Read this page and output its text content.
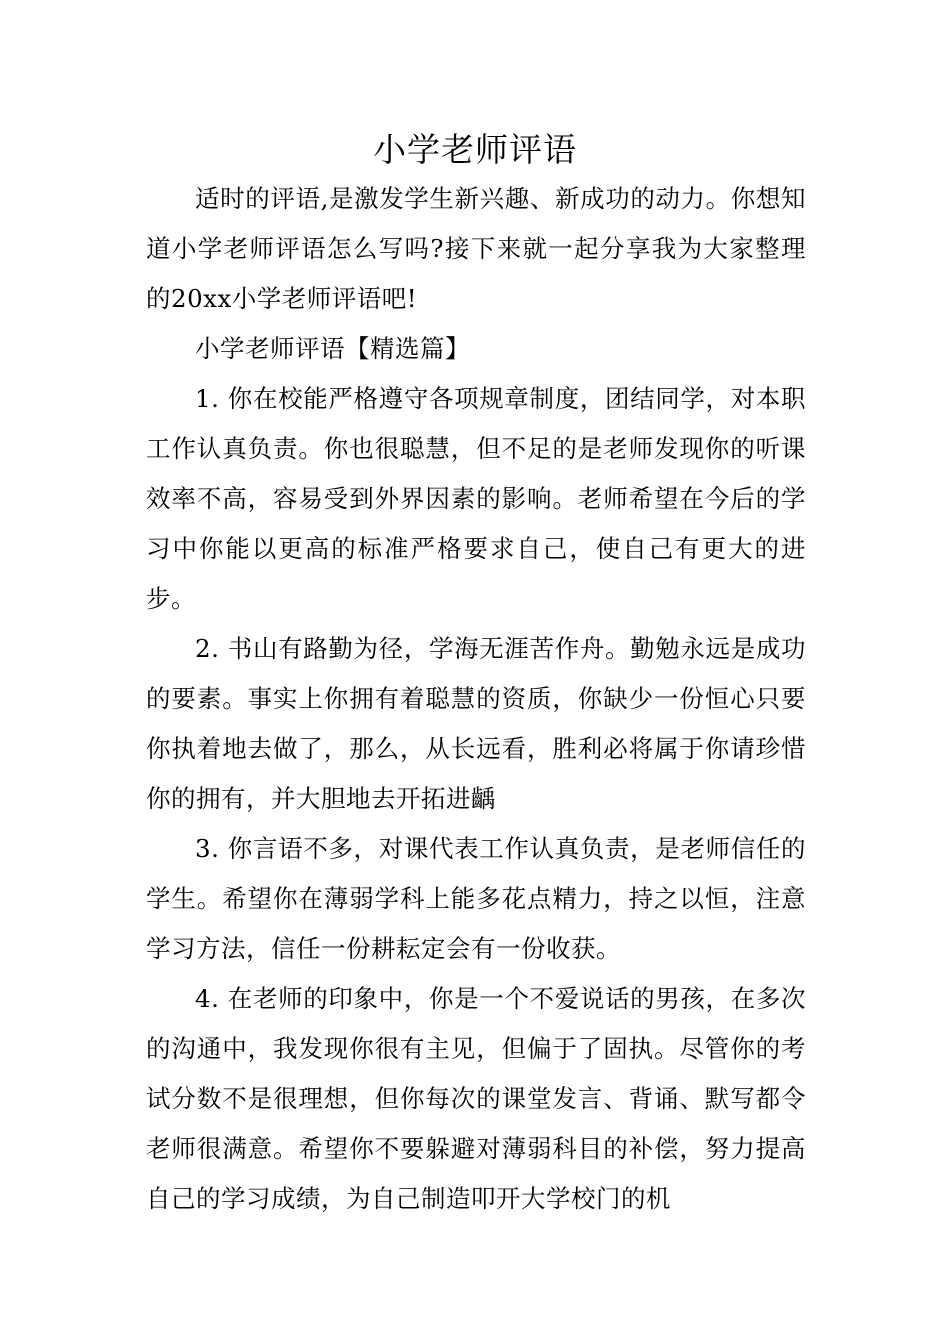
小学老师评语

适时的评语,是激发学生新兴趣、新成功的动力。你想知道小学老师评语怎么写吗?接下来就一起分享我为大家整理的20xx小学老师评语吧!

小学老师评语【精选篇】

1. 你在校能严格遵守各项规章制度，团结同学，对本职工作认真负责。你也很聪慧，但不足的是老师发现你的听课效率不高，容易受到外界因素的影响。老师希望在今后的学习中你能以更高的标准严格要求自己，使自己有更大的进步。

2. 书山有路勤为径，学海无涯苦作舟。勤勉永远是成功的要素。事实上你拥有着聪慧的资质，你缺少一份恒心只要你执着地去做了，那么，从长远看，胜利必将属于你请珍惜你的拥有，并大胆地去开拓进齲

3. 你言语不多，对课代表工作认真负责，是老师信任的学生。希望你在薄弱学科上能多花点精力，持之以恒，注意学习方法，信任一份耕耘定会有一份收获。

4. 在老师的印象中，你是一个不爱说话的男孩，在多次的沟通中，我发现你很有主见，但偏于了固执。尽管你的考试分数不是很理想，但你每次的课堂发言、背诵、默写都令老师很满意。希望你不要躲避对薄弱科目的补偿，努力提高自己的学习成绩，为自己制造叩开大学校门的机
